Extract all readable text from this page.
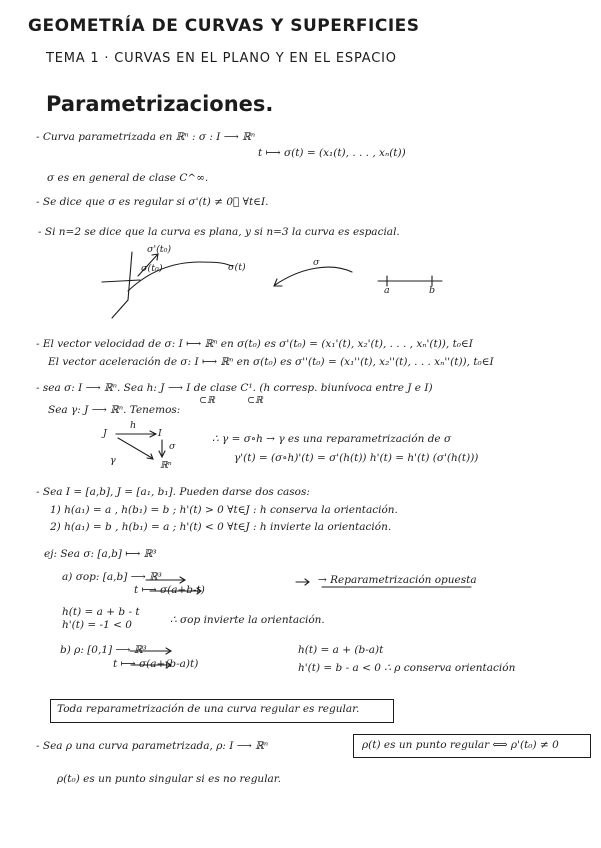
GEOMETRÍA DE CURVAS Y SUPERFICIES
TEMA 1 · CURVAS EN EL PLANO Y EN EL ESPACIO
Parametrizaciones.
- Curva parametrizada en ℝⁿ : σ : I ⟶ ℝⁿ
t ⟼ σ(t) = (x₁(t), . . . , xₙ(t))
σ es en general de clase C^∞.
- Se dice que σ es regular si σ'(t) ≠ 0⃗ ∀t∈I.
- Si n=2 se dice que la curva es plana, y si n=3 la curva es espacial.
σ'(t₀)
σ(t₀)	σ(t)	σ
a	b
- El vector velocidad de σ: I ⟼ ℝⁿ en σ(t₀) es σ'(t₀) = (x₁'(t), x₂'(t), . . . , xₙ'(t)), t₀∈I
El vector aceleración de σ: I ⟼ ℝⁿ en σ(t₀) es σ''(t₀) = (x₁''(t), x₂''(t), . . . xₙ''(t)), t₀∈I
- sea σ: I ⟶ ℝⁿ. Sea h: J ⟶ I de clase C¹. (h corresp. biunívoca entre J e I)
⊂ℝ	⊂ℝ
Sea γ: J ⟶ ℝⁿ. Tenemos:
J
h
I
σ
γ	ℝⁿ
∴ γ = σ∘h → γ es una reparametrización de σ
γ'(t) = (σ∘h)'(t) = σ'(h(t)) h'(t) = h'(t) (σ'(h(t)))
- Sea I = [a,b], J = [a₁, b₁]. Pueden darse dos casos:
1) h(a₁) = a , h(b₁) = b ; h'(t) > 0 ∀t∈J : h conserva la orientación.
2) h(a₁) = b , h(b₁) = a ; h'(t) < 0 ∀t∈J : h invierte la orientación.
ej: Sea σ: [a,b] ⟼ ℝ³
a) σop: [a,b] ⟶ ℝ³
t ⟼ σ(a+b-t)
→ Reparametrización opuesta
h(t) = a + b - t
h'(t) = -1 < 0	∴ σop invierte la orientación.
b) ρ: [0,1] ⟶ ℝ³
t ⟼ σ(a+(b-a)t)
h(t) = a + (b-a)t
h'(t) = b - a < 0 ∴ ρ conserva orientación
Toda reparametrización de una curva regular es regular.
- Sea ρ una curva parametrizada, ρ: I ⟶ ℝⁿ	ρ(t) es un punto regular ⟺ ρ'(t₀) ≠ 0
ρ(t₀) es un punto singular si es no regular.
